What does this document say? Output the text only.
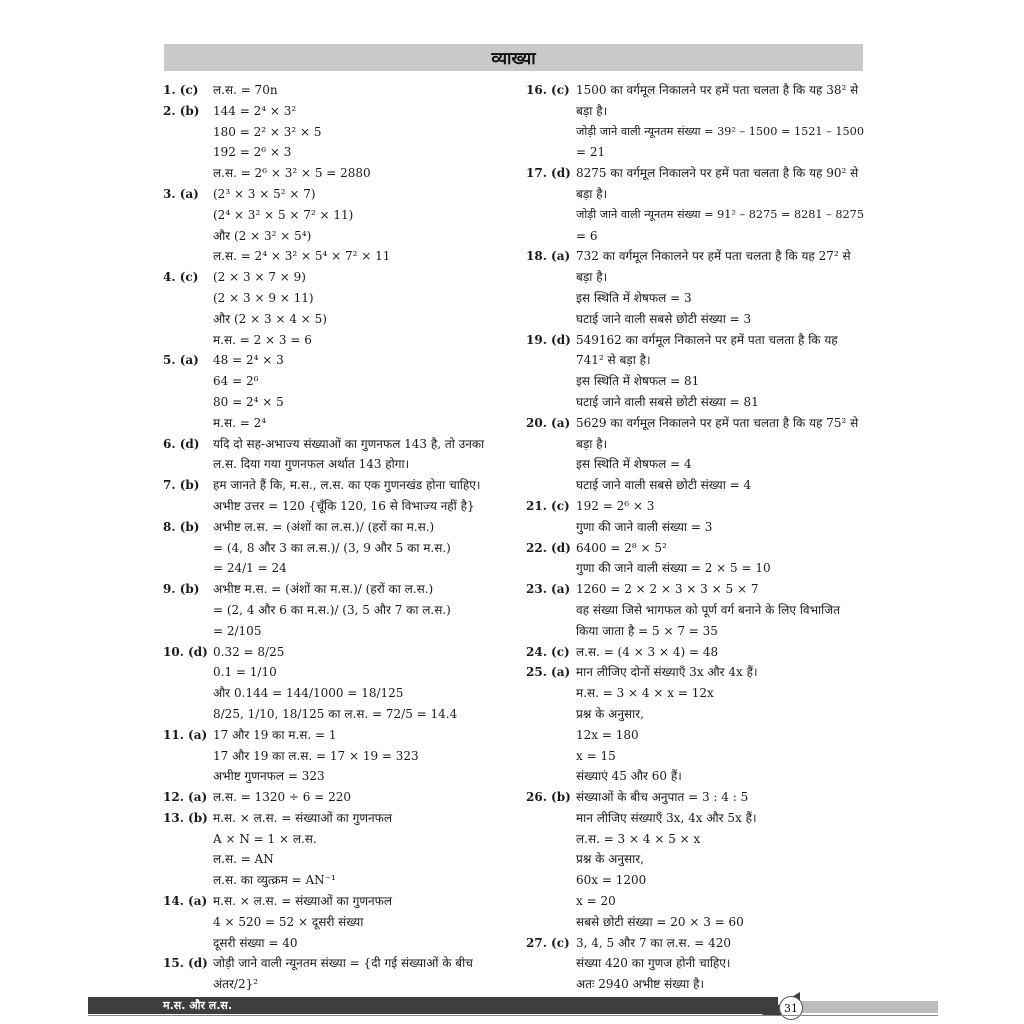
व्याख्या
1. (c)	ल.स. = 70n
2. (b)	144 = 2⁴ × 3²
180 = 2² × 3² × 5
192 = 2⁶ × 3
ल.स. = 2⁶ × 3² × 5 = 2880
3. (a)	(2³ × 3 × 5² × 7)
(2⁴ × 3² × 5 × 7² × 11)
और (2 × 3² × 5⁴)
ल.स. = 2⁴ × 3² × 5⁴ × 7² × 11
4. (c)	(2 × 3 × 7 × 9)
(2 × 3 × 9 × 11)
और (2 × 3 × 4 × 5)
म.स. = 2 × 3 = 6
5. (a)	48 = 2⁴ × 3
64 = 2⁶
80 = 2⁴ × 5
म.स. = 2⁴
6. (d)	यदि दो सह-अभाज्य संख्याओं का गुणनफल 143 है, तो उनका
ल.स. दिया गया गुणनफल अर्थात 143 होगा।
7. (b)	हम जानते हैं कि, म.स., ल.स. का एक गुणनखंड होना चाहिए।
अभीष्ट उत्तर = 120 {चूँकि 120, 16 से विभाज्य नहीं है}
8. (b)	अभीष्ट ल.स. = (अंशों का ल.स.)/ (हरों का म.स.)
= (4, 8 और 3 का ल.स.)/ (3, 9 और 5 का म.स.)
= 24/1 = 24
9. (b)	अभीष्ट म.स. = (अंशों का म.स.)/ (हरों का ल.स.)
= (2, 4 और 6 का म.स.)/ (3, 5 और 7 का ल.स.)
= 2/105
10. (d) 0.32 = 8/25
0.1 = 1/10
और 0.144 = 144/1000 = 18/125
8/25, 1/10, 18/125 का ल.स. = 72/5 = 14.4
11. (a) 17 और 19 का म.स. = 1
17 और 19 का ल.स. = 17 × 19 = 323
अभीष्ट गुणनफल = 323
12. (a) ल.स. = 1320 ÷ 6 = 220
13. (b) म.स. × ल.स. = संख्याओं का गुणनफल
A × N = 1 × ल.स.
ल.स. = AN
ल.स. का व्युत्क्रम = AN⁻¹
14. (a) म.स. × ल.स. = संख्याओं का गुणनफल
4 × 520 = 52 × दूसरी संख्या
दूसरी संख्या = 40
15. (d) जोड़ी जाने वाली न्यूनतम संख्या = {दी गई संख्याओं के बीच
अंतर/2}²
16. (c) 1500 का वर्गमूल निकालने पर हमें पता चलता है कि यह 38² से
बड़ा है।
जोड़ी जाने वाली न्यूनतम संख्या = 39² – 1500 = 1521 – 1500
= 21
17. (d) 8275 का वर्गमूल निकालने पर हमें पता चलता है कि यह 90² से
बड़ा है।
जोड़ी जाने वाली न्यूनतम संख्या = 91² – 8275 = 8281 – 8275
= 6
18. (a) 732 का वर्गमूल निकालने पर हमें पता चलता है कि यह 27² से
बड़ा है।
इस स्थिति में शेषफल = 3
घटाई जाने वाली सबसे छोटी संख्या = 3
19. (d) 549162 का वर्गमूल निकालने पर हमें पता चलता है कि यह
741² से बड़ा है।
इस स्थिति में शेषफल = 81
घटाई जाने वाली सबसे छोटी संख्या = 81
20. (a) 5629 का वर्गमूल निकालने पर हमें पता चलता है कि यह 75² से
बड़ा है।
इस स्थिति में शेषफल = 4
घटाई जाने वाली सबसे छोटी संख्या = 4
21. (c) 192 = 2⁶ × 3
गुणा की जाने वाली संख्या = 3
22. (d) 6400 = 2⁸ × 5²
गुणा की जाने वाली संख्या = 2 × 5 = 10
23. (a) 1260 = 2 × 2 × 3 × 3 × 5 × 7
वह संख्या जिसे भागफल को पूर्ण वर्ग बनाने के लिए विभाजित
किया जाता है = 5 × 7 = 35
24. (c) ल.स. = (4 × 3 × 4) = 48
25. (a) मान लीजिए दोनों संख्याएँ 3x और 4x हैं।
म.स. = 3 × 4 × x = 12x
प्रश्न के अनुसार,
12x = 180
x = 15
संख्याएं 45 और 60 हैं।
26. (b) संख्याओं के बीच अनुपात = 3 : 4 : 5
मान लीजिए संख्याएँ 3x, 4x और 5x हैं।
ल.स. = 3 × 4 × 5 × x
प्रश्न के अनुसार,
60x = 1200
x = 20
सबसे छोटी संख्या = 20 × 3 = 60
27. (c) 3, 4, 5 और 7 का ल.स. = 420
संख्या 420 का गुणज होनी चाहिए।
अतः 2940 अभीष्ट संख्या है।
म.स. और ल.स.	31
